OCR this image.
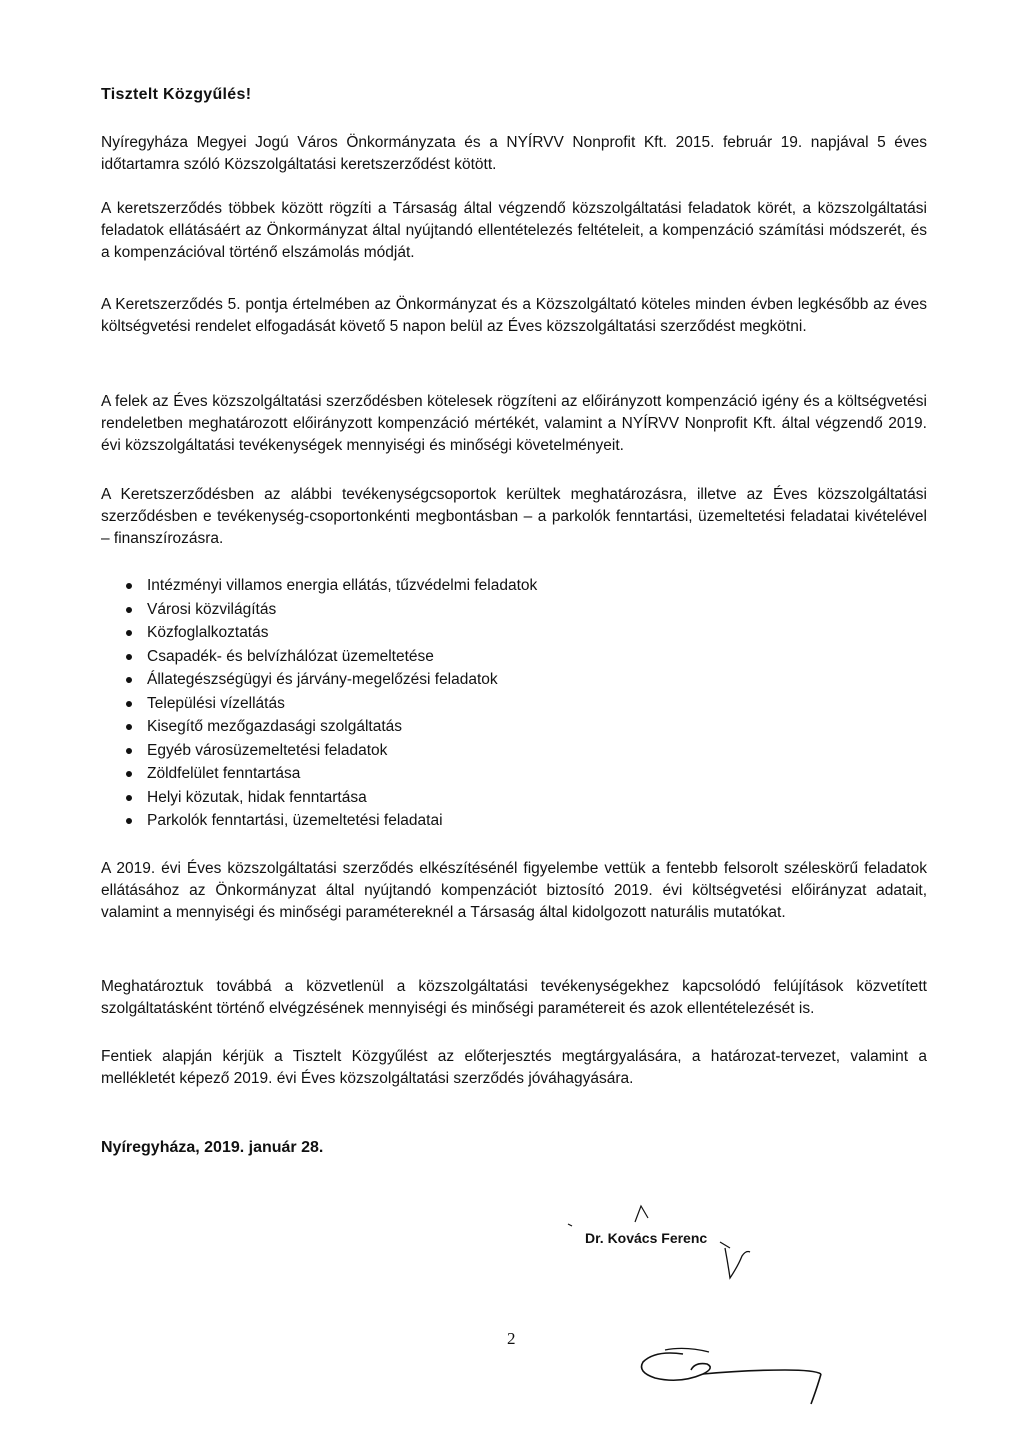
Tisztelt Közgyűlés!
Nyíregyháza Megyei Jogú Város Önkormányzata és a NYÍRVV Nonprofit Kft. 2015. február 19. napjával 5 éves időtartamra szóló Közszolgáltatási keretszerződést kötött.
A keretszerződés többek között rögzíti a Társaság által végzendő közszolgáltatási feladatok körét, a közszolgáltatási feladatok ellátásáért az Önkormányzat által nyújtandó ellentételezés feltételeit, a kompenzáció számítási módszerét, és a kompenzációval történő elszámolás módját.
A Keretszerződés 5. pontja értelmében az Önkormányzat és a Közszolgáltató köteles minden évben legkésőbb az éves költségvetési rendelet elfogadását követő 5 napon belül az Éves közszolgáltatási szerződést megkötni.
A felek az Éves közszolgáltatási szerződésben kötelesek rögzíteni az előirányzott kompenzáció igény és a költségvetési rendeletben meghatározott előirányzott kompenzáció mértékét, valamint a NYÍRVV Nonprofit Kft. által végzendő 2019. évi közszolgáltatási tevékenységek mennyiségi és minőségi követelményeit.
A Keretszerződésben az alábbi tevékenységcsoportok kerültek meghatározásra, illetve az Éves közszolgáltatási szerződésben e tevékenység-csoportonkénti megbontásban – a parkolók fenntartási, üzemeltetési feladatai kivételével – finanszírozásra.
Intézményi villamos energia ellátás, tűzvédelmi feladatok
Városi közvilágítás
Közfoglalkoztatás
Csapadék- és belvízhálózat üzemeltetése
Állategészségügyi és járvány-megelőzési feladatok
Települési vízellátás
Kisegítő mezőgazdasági szolgáltatás
Egyéb városüzemeltetési feladatok
Zöldfelület fenntartása
Helyi közutak, hidak fenntartása
Parkolók fenntartási, üzemeltetési feladatai
A 2019. évi Éves közszolgáltatási szerződés elkészítésénél figyelembe vettük a fentebb felsorolt széleskörű feladatok ellátásához az Önkormányzat által nyújtandó kompenzációt biztosító 2019. évi költségvetési előirányzat adatait, valamint a mennyiségi és minőségi paramétereknél a Társaság által kidolgozott naturális mutatókat.
Meghatároztuk továbbá a közvetlenül a közszolgáltatási tevékenységekhez kapcsolódó felújítások közvetített szolgáltatásként történő elvégzésének mennyiségi és minőségi paramétereit és azok ellentételezését is.
Fentiek alapján kérjük a Tisztelt Közgyűlést az előterjesztés megtárgyalására, a határozat-tervezet, valamint a mellékletét képező 2019. évi Éves közszolgáltatási szerződés jóváhagyására.
Nyíregyháza, 2019. január 28.
Dr. Kovács Ferenc
2
